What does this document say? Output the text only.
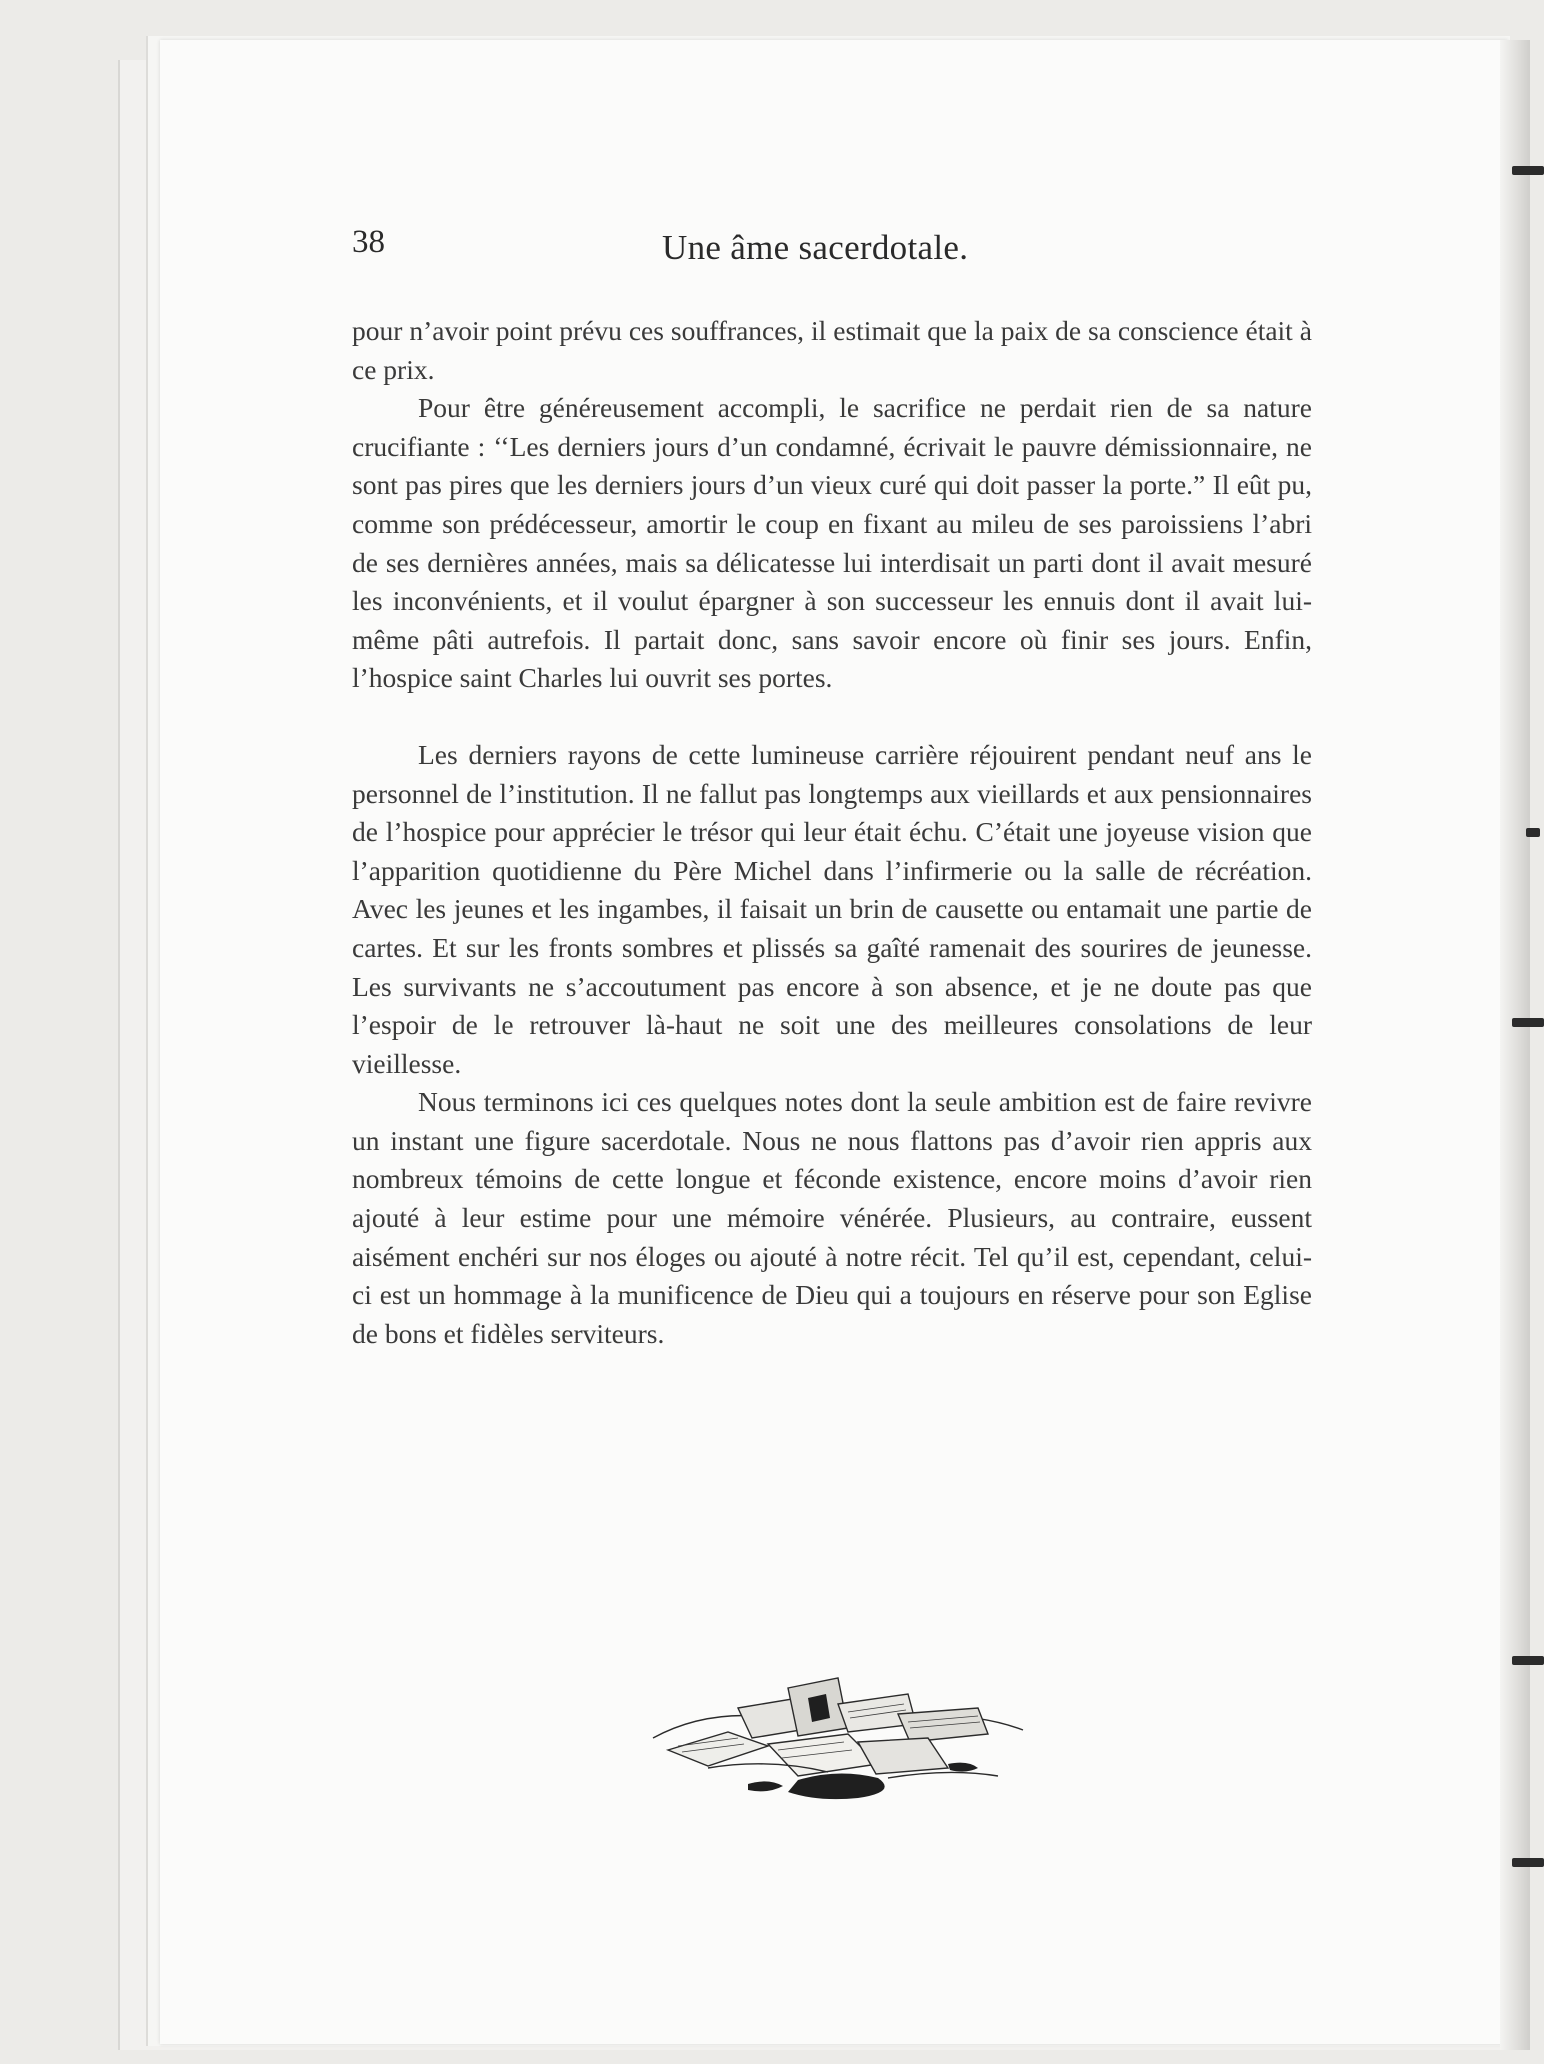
38	Une âme sacerdotale.

pour n’avoir point prévu ces souffrances, il estimait que la paix de sa conscience était à ce prix.

Pour être généreusement accompli, le sacrifice ne perdait rien de sa nature crucifiante : ‘‘Les derniers jours d’un condamné, écrivait le pauvre démissionnaire, ne sont pas pires que les derniers jours d’un vieux curé qui doit passer la porte.” Il eût pu, comme son prédécesseur, amortir le coup en fixant au mileu de ses paroissiens l’abri de ses dernières années, mais sa délicatesse lui interdisait un parti dont il avait mesuré les inconvénients, et il voulut épargner à son successeur les ennuis dont il avait lui-même pâti autrefois. Il partait donc, sans savoir encore où finir ses jours. Enfin, l’hospice saint Charles lui ouvrit ses portes.

Les derniers rayons de cette lumineuse carrière réjouirent pendant neuf ans le personnel de l’institution. Il ne fallut pas longtemps aux vieillards et aux pensionnaires de l’hospice pour apprécier le trésor qui leur était échu. C’était une joyeuse vision que l’apparition quotidienne du Père Michel dans l’infirmerie ou la salle de récréation. Avec les jeunes et les ingambes, il faisait un brin de causette ou entamait une partie de cartes. Et sur les fronts sombres et plissés sa gaîté ramenait des sourires de jeunesse. Les survivants ne s’accoutument pas encore à son absence, et je ne doute pas que l’espoir de le retrouver là-haut ne soit une des meilleures consolations de leur vieillesse.

Nous terminons ici ces quelques notes dont la seule ambition est de faire revivre un instant une figure sacerdotale. Nous ne nous flattons pas d’avoir rien appris aux nombreux témoins de cette longue et féconde existence, encore moins d’avoir rien ajouté à leur estime pour une mémoire vénérée. Plusieurs, au contraire, eussent aisément enchéri sur nos éloges ou ajouté à notre récit. Tel qu’il est, cependant, celui-ci est un hommage à la munificence de Dieu qui a toujours en réserve pour son Eglise de bons et fidèles serviteurs.
